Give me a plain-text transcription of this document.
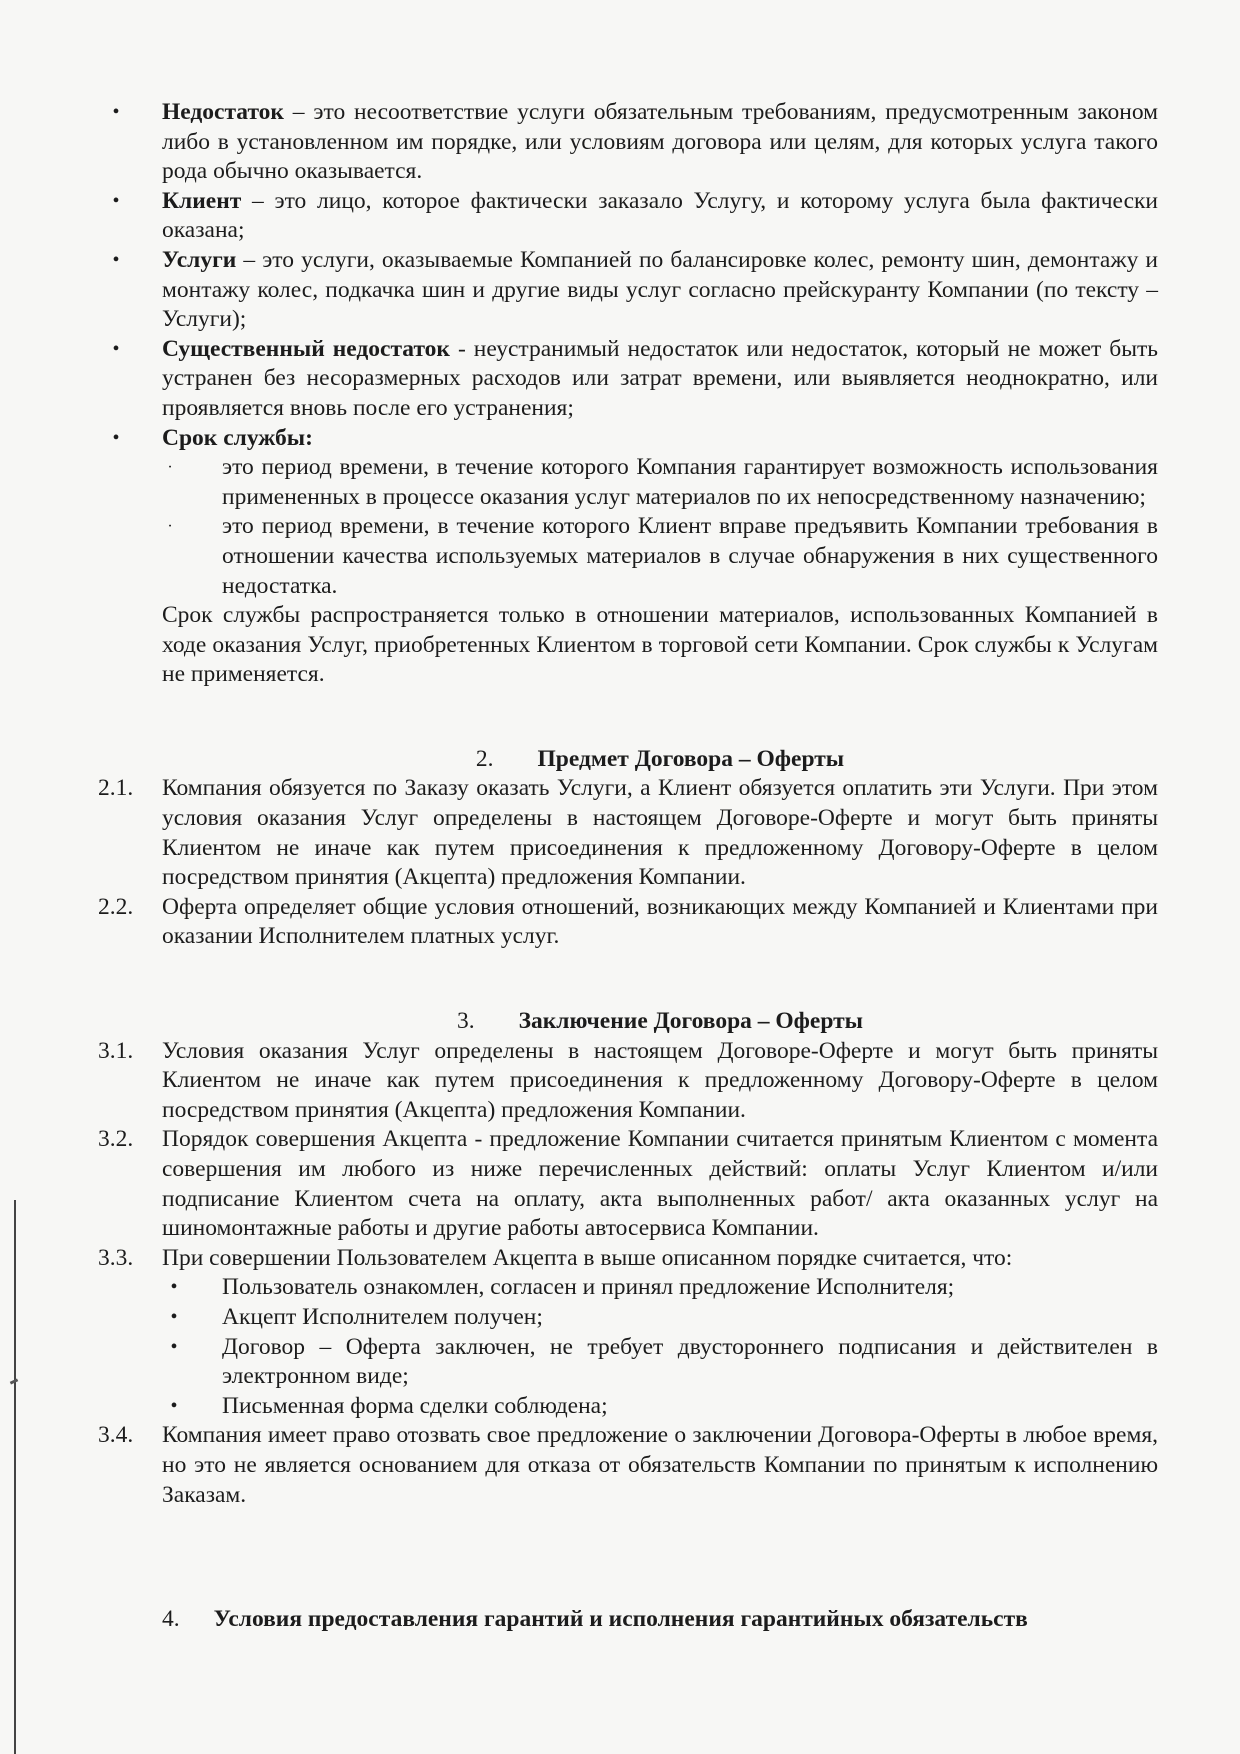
• Недостаток – это несоответствие услуги обязательным требованиям, предусмотренным законом либо в установленном им порядке, или условиям договора или целям, для которых услуга такого рода обычно оказывается.
• Клиент – это лицо, которое фактически заказало Услугу, и которому услуга была фактически оказана;
• Услуги – это услуги, оказываемые Компанией по балансировке колес, ремонту шин, демонтажу и монтажу колес, подкачка шин и другие виды услуг согласно прейскуранту Компании (по тексту – Услуги);
• Существенный недостаток - неустранимый недостаток или недостаток, который не может быть устранен без несоразмерных расходов или затрат времени, или выявляется неоднократно, или проявляется вновь после его устранения;
• Срок службы:
·	это период времени, в течение которого Компания гарантирует возможность использования примененных в процессе оказания услуг материалов по их непосредственному назначению;
·	это период времени, в течение которого Клиент вправе предъявить Компании требования в отношении качества используемых материалов в случае обнаружения в них существенного недостатка.
Срок службы распространяется только в отношении материалов, использованных Компанией в ходе оказания Услуг, приобретенных Клиентом в торговой сети Компании. Срок службы к Услугам не применяется.
2. Предмет Договора – Оферты
2.1.	Компания обязуется по Заказу оказать Услуги, а Клиент обязуется оплатить эти Услуги. При этом условия оказания Услуг определены в настоящем Договоре-Оферте и могут быть приняты Клиентом не иначе как путем присоединения к предложенному Договору-Оферте в целом посредством принятия (Акцепта) предложения Компании.
2.2.	Оферта определяет общие условия отношений, возникающих между Компанией и Клиентами при оказании Исполнителем платных услуг.
3. Заключение Договора – Оферты
3.1.	Условия оказания Услуг определены в настоящем Договоре-Оферте и могут быть приняты Клиентом не иначе как путем присоединения к предложенному Договору-Оферте в целом посредством принятия (Акцепта) предложения Компании.
3.2.	Порядок совершения Акцепта - предложение Компании считается принятым Клиентом с момента совершения им любого из ниже перечисленных действий: оплаты Услуг Клиентом и/или подписание Клиентом счета на оплату, акта выполненных работ/ акта оказанных услуг на шиномонтажные работы и другие работы автосервиса Компании.
3.3.	При совершении Пользователем Акцепта в выше описанном порядке считается, что:
• Пользователь ознакомлен, согласен и принял предложение Исполнителя;
• Акцепт Исполнителем получен;
• Договор – Оферта заключен, не требует двустороннего подписания и действителен в электронном виде;
• Письменная форма сделки соблюдена;
3.4.	Компания имеет право отозвать свое предложение о заключении Договора-Оферты в любое время, но это не является основанием для отказа от обязательств Компании по принятым к исполнению Заказам.
4. Условия предоставления гарантий и исполнения гарантийных обязательств
